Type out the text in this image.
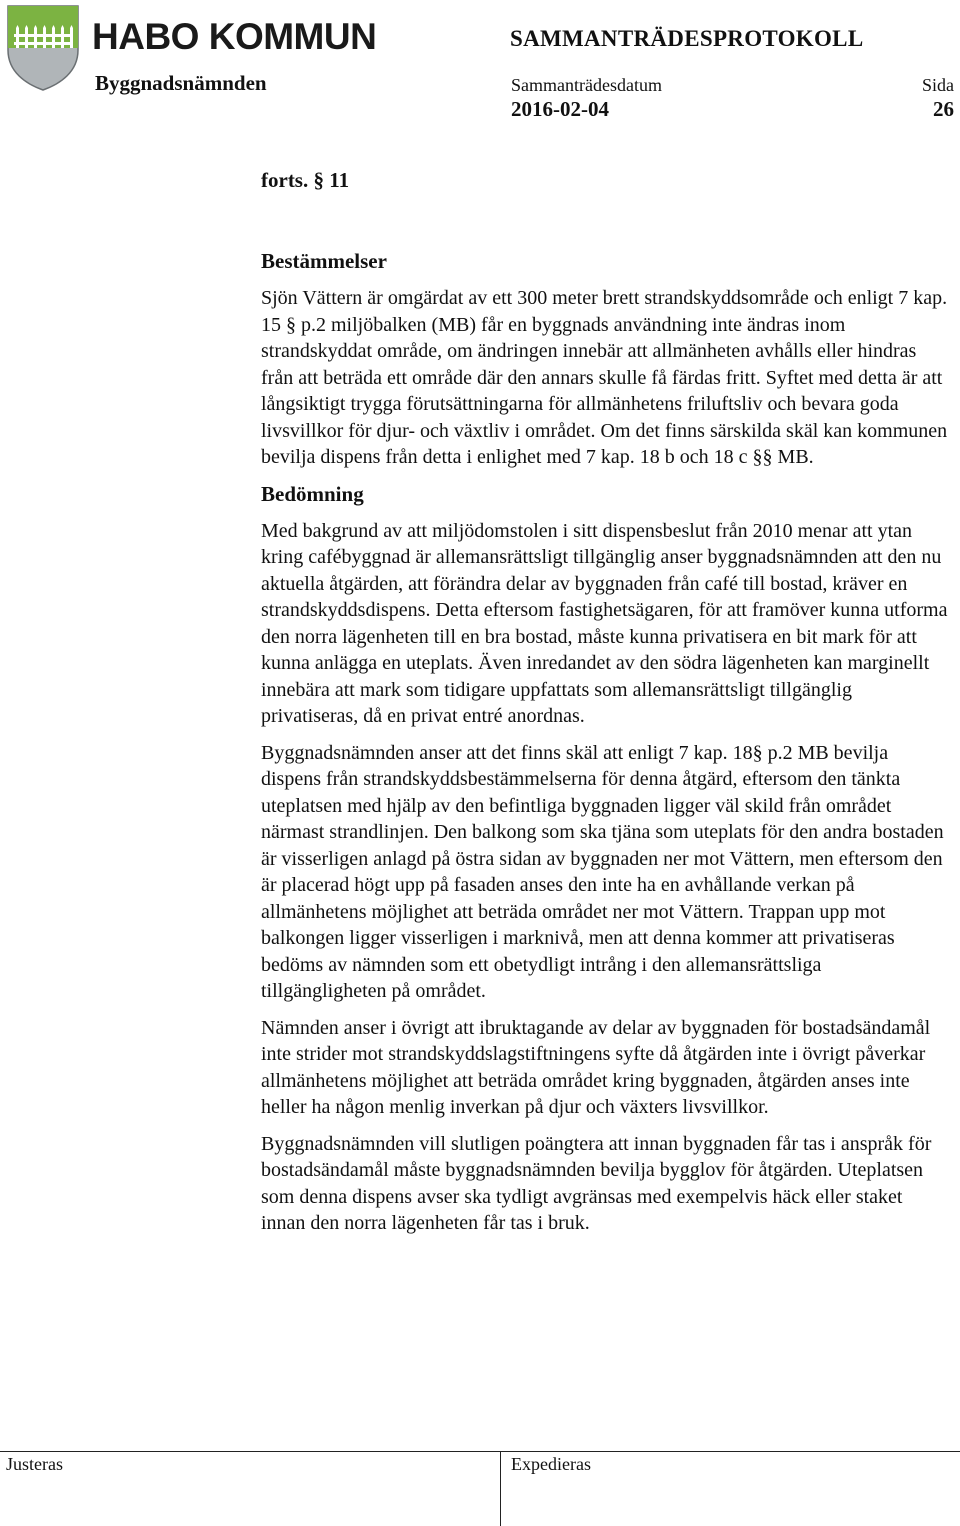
HABO KOMMUN
Byggnadsnämnden
SAMMANTRÄDESPROTOKOLL
Sammanträdesdatum	Sida
2016-02-04	26
forts. § 11
Bestämmelser

Sjön Vättern är omgärdat av ett 300 meter brett strandskyddsområde och enligt 7 kap. 15 § p.2 miljöbalken (MB) får en byggnads användning inte ändras inom strandskyddat område, om ändringen innebär att allmänheten avhålls eller hindras från att beträda ett område där den annars skulle få färdas fritt. Syftet med detta är att långsiktigt trygga förutsättningarna för allmänhetens friluftsliv och bevara goda livsvillkor för djur- och växtliv i området. Om det finns särskilda skäl kan kommunen bevilja dispens från detta i enlighet med 7 kap. 18 b och 18 c §§ MB.

Bedömning

Med bakgrund av att miljödomstolen i sitt dispensbeslut från 2010 menar att ytan kring cafébyggnad är allemansrättsligt tillgänglig anser byggnadsnämnden att den nu aktuella åtgärden, att förändra delar av byggnaden från café till bostad, kräver en strandskyddsdispens. Detta eftersom fastighetsägaren, för att framöver kunna utforma den norra lägenheten till en bra bostad, måste kunna privatisera en bit mark för att kunna anlägga en uteplats. Även inredandet av den södra lägenheten kan marginellt innebära att mark som tidigare uppfattats som allemansrättsligt tillgänglig privatiseras, då en privat entré anordnas.

Byggnadsnämnden anser att det finns skäl att enligt 7 kap. 18§ p.2 MB bevilja dispens från strandskyddsbestämmelserna för denna åtgärd, eftersom den tänkta uteplatsen med hjälp av den befintliga byggnaden ligger väl skild från området närmast strandlinjen. Den balkong som ska tjäna som uteplats för den andra bostaden är visserligen anlagd på östra sidan av byggnaden ner mot Vättern, men eftersom den är placerad högt upp på fasaden anses den inte ha en avhållande verkan på allmänhetens möjlighet att beträda området ner mot Vättern. Trappan upp mot balkongen ligger visserligen i marknivå, men att denna kommer att privatiseras bedöms av nämnden som ett obetydligt intrång i den allemansrättsliga tillgängligheten på området.

Nämnden anser i övrigt att ibruktagande av delar av byggnaden för bostadsändamål inte strider mot strandskyddslagstiftningens syfte då åtgärden inte i övrigt påverkar allmänhetens möjlighet att beträda området kring byggnaden, åtgärden anses inte heller ha någon menlig inverkan på djur och växters livsvillkor.

Byggnadsnämnden vill slutligen poängtera att innan byggnaden får tas i anspråk för bostadsändamål måste byggnadsnämnden bevilja bygglov för åtgärden. Uteplatsen som denna dispens avser ska tydligt avgränsas med exempelvis häck eller staket innan den norra lägenheten får tas i bruk.

Justeras	Expedieras
